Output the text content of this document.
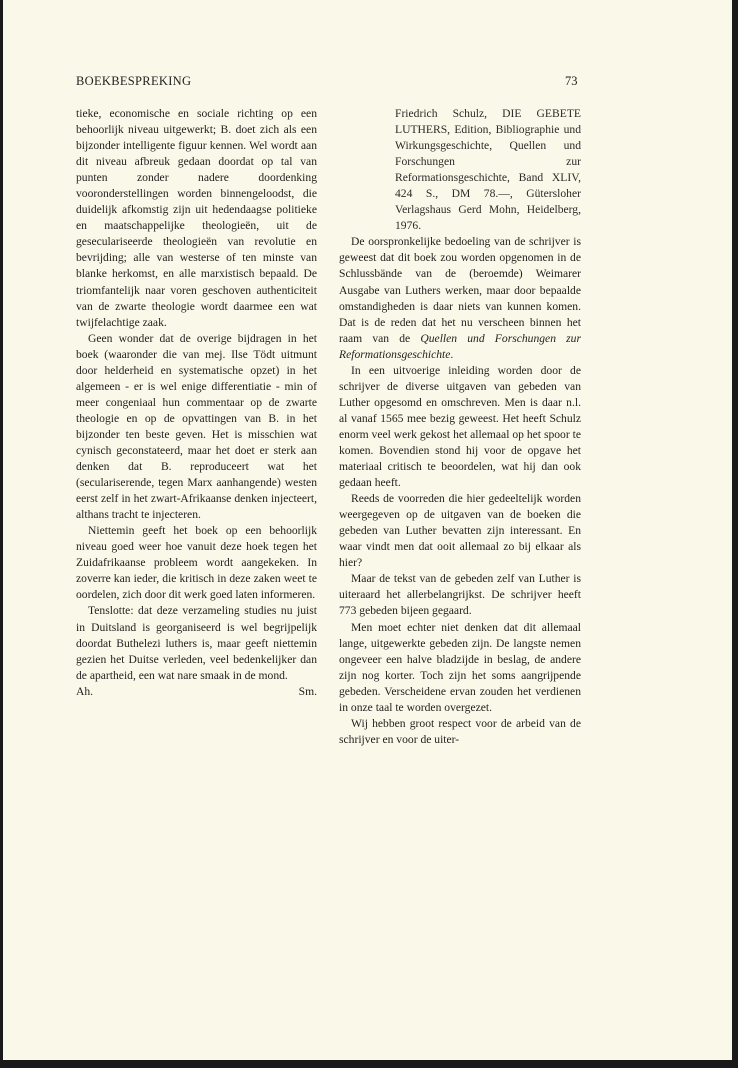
BOEKBESPREKING	73

tieke, economische en sociale richting op een behoorlijk niveau uitgewerkt; B. doet zich als een bijzonder intelligente figuur kennen. Wel wordt aan dit niveau afbreuk gedaan doordat op tal van punten zonder nadere doordenking vooronderstellingen worden binnengeloodst, die duidelijk afkomstig zijn uit hedendaagse politieke en maatschappelijke theologieën, uit de geseculariseerde theologieën van revolutie en bevrijding; alle van westerse of ten minste van blanke herkomst, en alle marxistisch bepaald. De triomfantelijk naar voren geschoven authenticiteit van de zwarte theologie wordt daarmee een wat twijfelachtige zaak.

Geen wonder dat de overige bijdragen in het boek (waaronder die van mej. Ilse Tödt uitmunt door helderheid en systematische opzet) in het algemeen - er is wel enige differentiatie - min of meer congeniaal hun commentaar op de zwarte theologie en op de opvattingen van B. in het bijzonder ten beste geven. Het is misschien wat cynisch geconstateerd, maar het doet er sterk aan denken dat B. reproduceert wat het (seculariserende, tegen Marx aanhangende) westen eerst zelf in het zwart-Afrikaanse denken injecteert, althans tracht te injecteren.

Niettemin geeft het boek op een behoorlijk niveau goed weer hoe vanuit deze hoek tegen het Zuidafrikaanse probleem wordt aangekeken. In zoverre kan ieder, die kritisch in deze zaken weet te oordelen, zich door dit werk goed laten informeren.

Tenslotte: dat deze verzameling studies nu juist in Duitsland is georganiseerd is wel begrijpelijk doordat Buthelezi luthers is, maar geeft niettemin gezien het Duitse verleden, veel bedenkelijker dan de apartheid, een wat nare smaak in de mond.

Ah.	Sm.

Friedrich Schulz, DIE GEBETE LUTHERS, Edition, Bibliographie und Wirkungsgeschichte, Quellen und Forschungen zur Reformationsgeschichte, Band XLIV, 424 S., DM 78.—, Gütersloher Verlagshaus Gerd Mohn, Heidelberg, 1976.

De oorspronkelijke bedoeling van de schrijver is geweest dat dit boek zou worden opgenomen in de Schlussbände van de (beroemde) Weimarer Ausgabe van Luthers werken, maar door bepaalde omstandigheden is daar niets van kunnen komen. Dat is de reden dat het nu verscheen binnen het raam van de Quellen und Forschungen zur Reformationsgeschichte.

In een uitvoerige inleiding worden door de schrijver de diverse uitgaven van gebeden van Luther opgesomd en omschreven. Men is daar n.l. al vanaf 1565 mee bezig geweest. Het heeft Schulz enorm veel werk gekost het allemaal op het spoor te komen. Bovendien stond hij voor de opgave het materiaal critisch te beoordelen, wat hij dan ook gedaan heeft.

Reeds de voorreden die hier gedeeltelijk worden weergegeven op de uitgaven van de boeken die gebeden van Luther bevatten zijn interessant. En waar vindt men dat ooit allemaal zo bij elkaar als hier?

Maar de tekst van de gebeden zelf van Luther is uiteraard het allerbelangrijkst. De schrijver heeft 773 gebeden bijeen gegaard.

Men moet echter niet denken dat dit allemaal lange, uitgewerkte gebeden zijn. De langste nemen ongeveer een halve bladzijde in beslag, de andere zijn nog korter. Toch zijn het soms aangrijpende gebeden. Verscheidene ervan zouden het verdienen in onze taal te worden overgezet.

Wij hebben groot respect voor de arbeid van de schrijver en voor de uiter-
